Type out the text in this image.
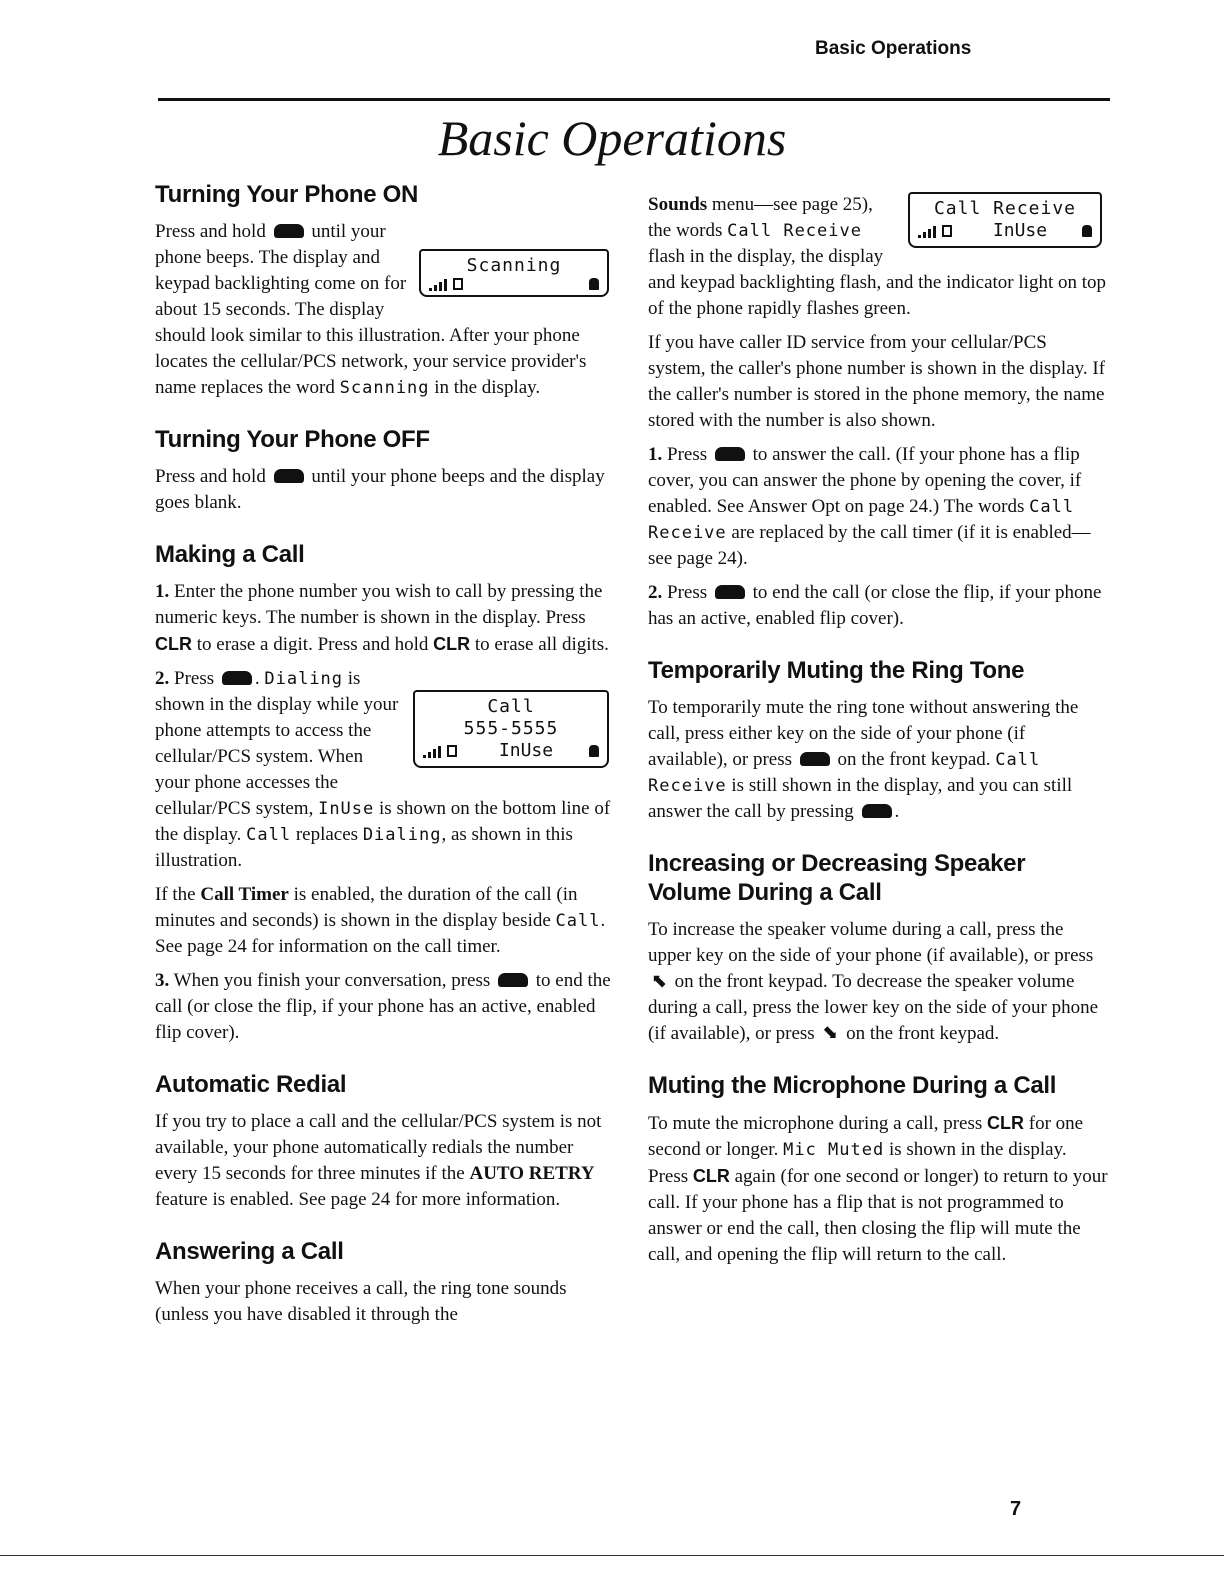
Basic Operations
Basic Operations
Turning Your Phone ON

Press and hold
Scanning
until your phone beeps. The display and keypad backlighting come on for about 15 seconds. The display should look similar to this illustration. After your phone locates the cellular/PCS network, your service provider's name replaces the word Scanning in the display.

Turning Your Phone OFF

Press and hold until your phone beeps and the display goes blank.

Making a Call

1. Enter the phone number you wish to call by pressing the numeric keys. The number is shown in the display. Press CLR to erase a digit. Press and hold CLR to erase all digits.

2. Press . Dialing
Call
555-5555
InUse
is shown in the display while your phone attempts to access the cellular/PCS system. When your phone accesses the cellular/PCS system, InUse is shown on the bottom line of the display. Call replaces Dialing, as shown in this illustration.

If the Call Timer is enabled, the duration of the call (in minutes and seconds) is shown in the display beside Call. See page 24 for information on the call timer.

3. When you finish your conversation, press to end the call (or close the flip, if your phone has an active, enabled flip cover).

Automatic Redial

If you try to place a call and the cellular/PCS system is not available, your phone automatically redials the number every 15 seconds for three minutes if the AUTO RETRY feature is enabled. See page 24 for more information.

Answering a Call

When your phone receives a call, the ring tone sounds (unless you have disabled it through the

Call Receive
InUse
Sounds menu—see page 25), the words Call Receive flash in the display, the display and keypad backlighting flash, and the indicator light on top of the phone rapidly flashes green.

If you have caller ID service from your cellular/PCS system, the caller's phone number is shown in the display. If the caller's number is stored in the phone memory, the name stored with the number is also shown.

1. Press to answer the call. (If your phone has a flip cover, you can answer the phone by opening the cover, if enabled. See Answer Opt on page 24.) The words Call Receive are replaced by the call timer (if it is enabled—see page 24).

2. Press to end the call (or close the flip, if your phone has an active, enabled flip cover).

Temporarily Muting the Ring Tone

To temporarily mute the ring tone without answering the call, press either key on the side of your phone (if available), or press on the front keypad. Call Receive is still shown in the display, and you can still answer the call by pressing .

Increasing or Decreasing Speaker Volume During a Call

To increase the speaker volume during a call, press the upper key on the side of your phone (if available), or press ⬉ on the front keypad. To decrease the speaker volume during a call, press the lower key on the side of your phone (if available), or press ⬊ on the front keypad.

Muting the Microphone During a Call

To mute the microphone during a call, press CLR for one second or longer. Mic Muted is shown in the display. Press CLR again (for one second or longer) to return to your call. If your phone has a flip that is not programmed to answer or end the call, then closing the flip will mute the call, and opening the flip will return to the call.

7
